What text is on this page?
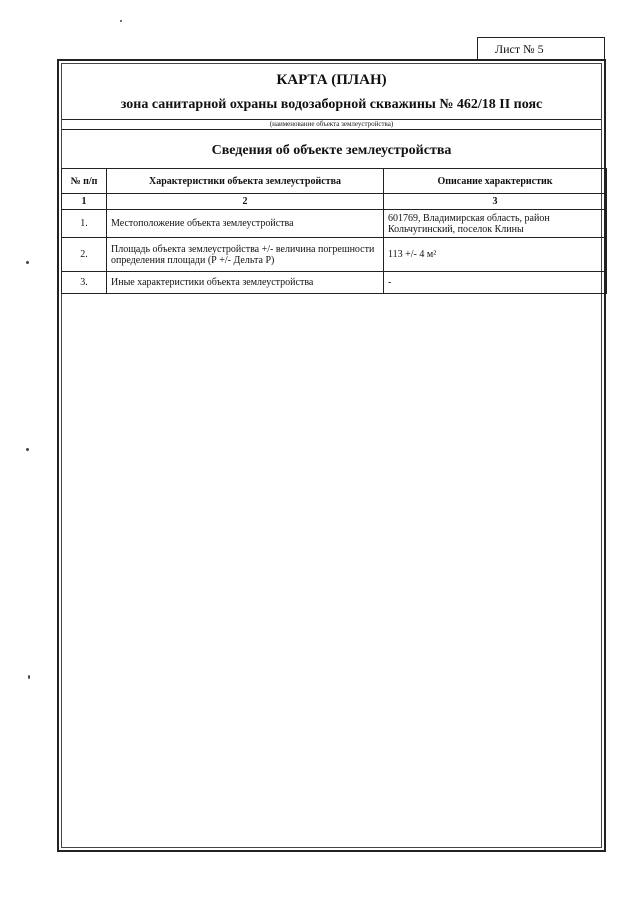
Лист № 5
КАРТА (ПЛАН)
зона санитарной охраны водозаборной скважины № 462/18 II пояс
(наименование объекта землеустройства)
Сведения об объекте землеустройства
№ п/п	Характеристики объекта землеустройства	Описание характеристик
1	2	3
1.	Местоположение объекта землеустройства	601769, Владимирская область, район Кольчугинский, поселок Клины
2.	Площадь объекта землеустройства +/- величина погрешности определения площади (Р +/- Дельта Р)	113 +/- 4 м²
3.	Иные характеристики объекта землеустройства	-
